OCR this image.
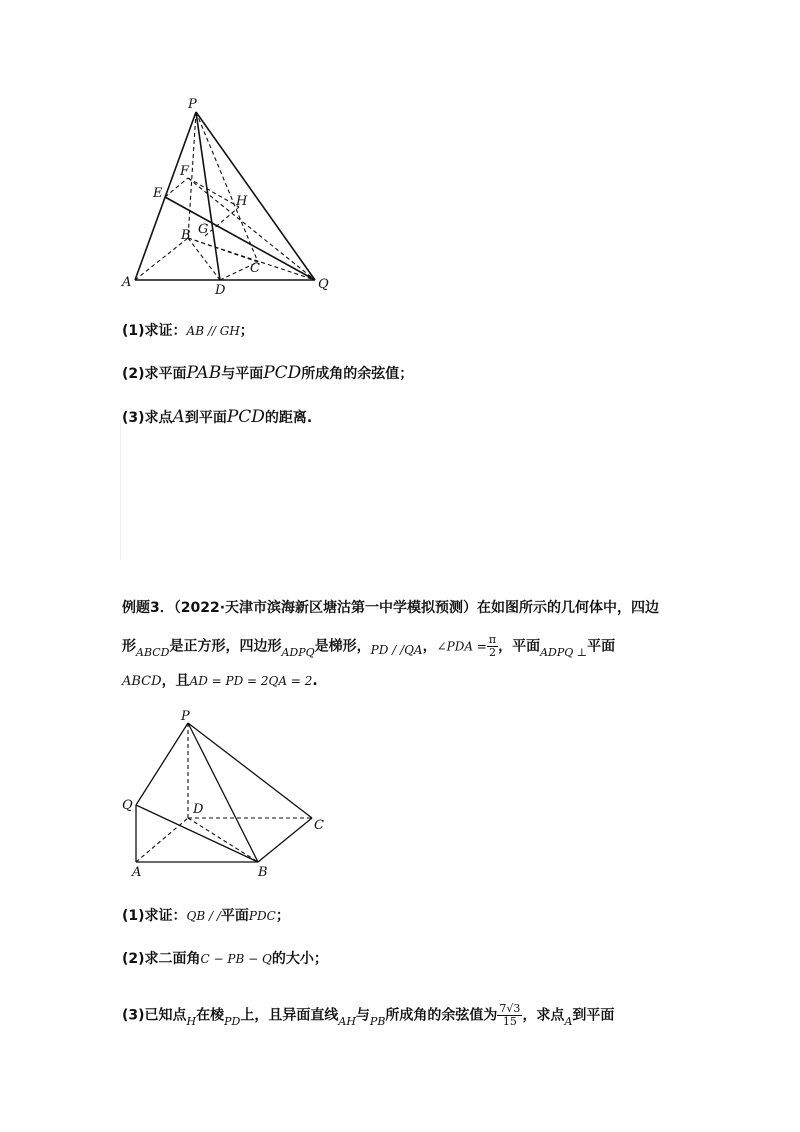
P
F
E
H
B G
C
A
D	Q
(1)求证：AB // GH；
(2)求平面PAB与平面PCD所成角的余弦值；
(3)求点A到平面PCD的距离.
例题3．（2022·天津市滨海新区塘沽第一中学模拟预测）在如图所示的几何体中，四边
形$_{ABCD}$是正方形，四边形$_{ADPQ}$是梯形，PD / /QA，∠PDA = $\frac{\pi}{2}$ ，平面$_{ADPQ \perp}$平面
ABCD，且AD = PD = 2QA = 2.
P
Q	D
C
A	B
(1)求证：QB / /平面PDC；
(2)求二面角C − PB − Q的大小；
(3)已知点$_H$在棱$_{PD}$上，且异面直线$_{AH}$与$_{PB}$所成角的余弦值为 $\frac{7√3}{15}$ ，求点$_A$到平面
